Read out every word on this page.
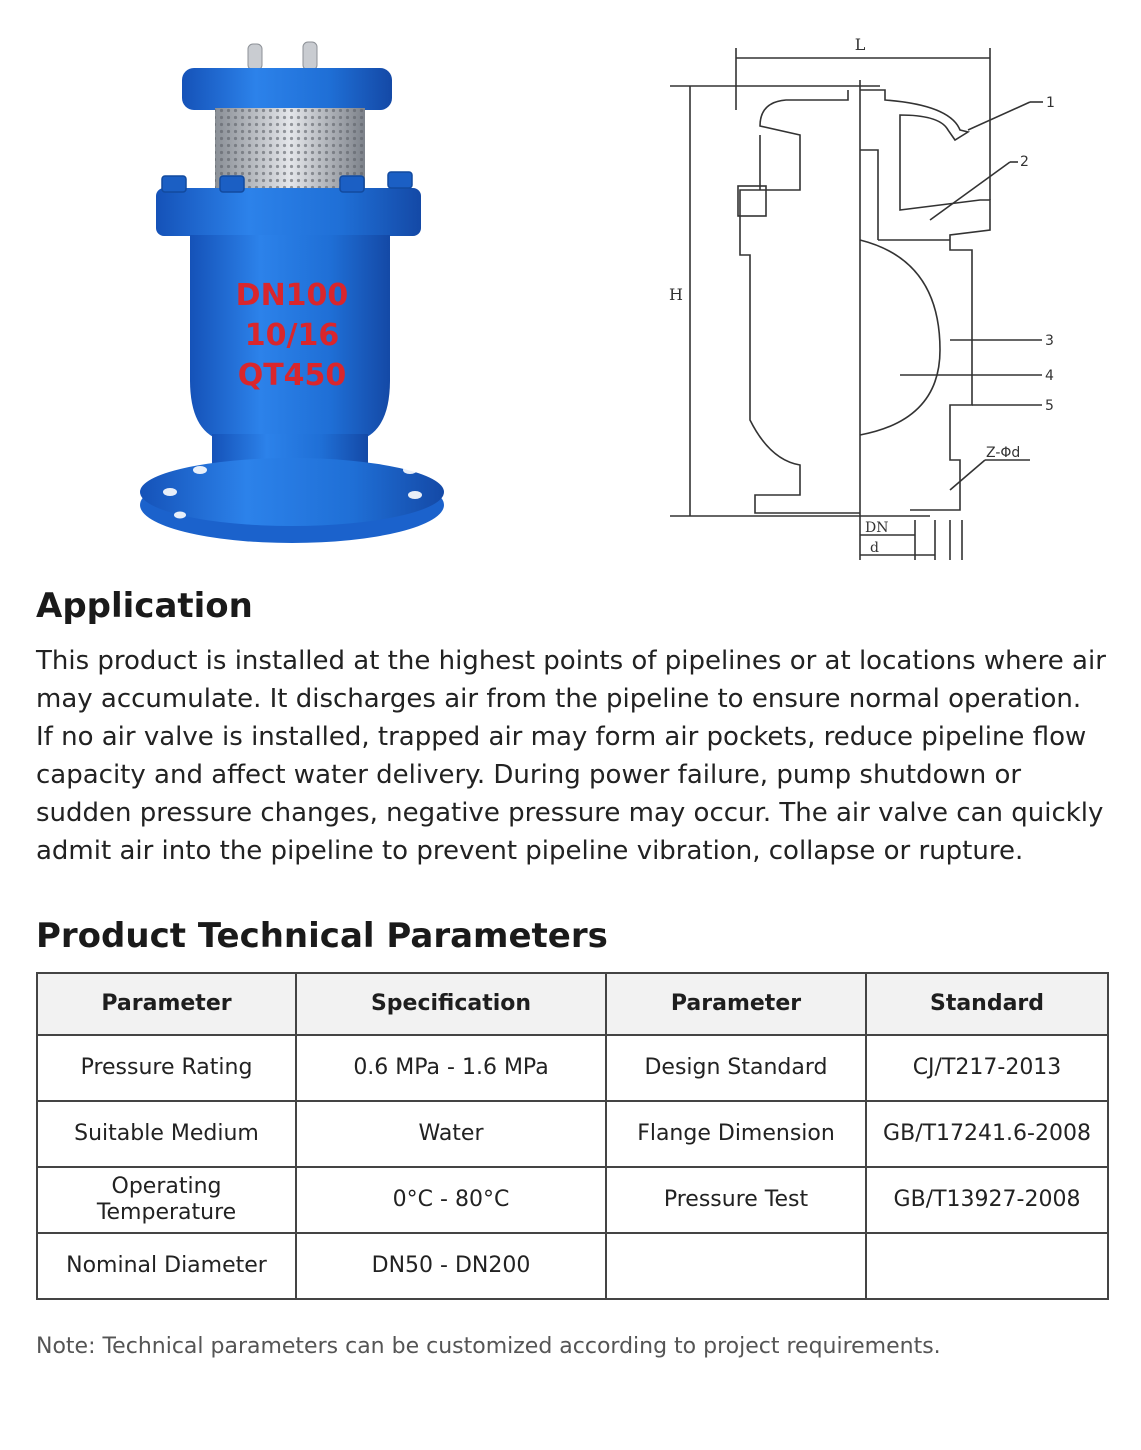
DN100
10/16
QT450
L
H
Z-Φd
DN
d
1
2
3
4
5
Application

This product is installed at the highest points of pipelines or at locations where air may accumulate. It discharges air from the pipeline to ensure normal operation. If no air valve is installed, trapped air may form air pockets, reduce pipeline flow capacity and affect water delivery. During power failure, pump shutdown or sudden pressure changes, negative pressure may occur. The air valve can quickly admit air into the pipeline to prevent pipeline vibration, collapse or rupture.

Product Technical Parameters
Parameter	Specification	Parameter	Standard
Pressure Rating	0.6 MPa - 1.6 MPa	Design Standard	CJ/T217-2013
Suitable Medium	Water	Flange Dimension	GB/T17241.6-2008
Operating Temperature	0°C - 80°C	Pressure Test	GB/T13927-2008
Nominal Diameter	DN50 - DN200		
Note: Technical parameters can be customized according to project requirements.
